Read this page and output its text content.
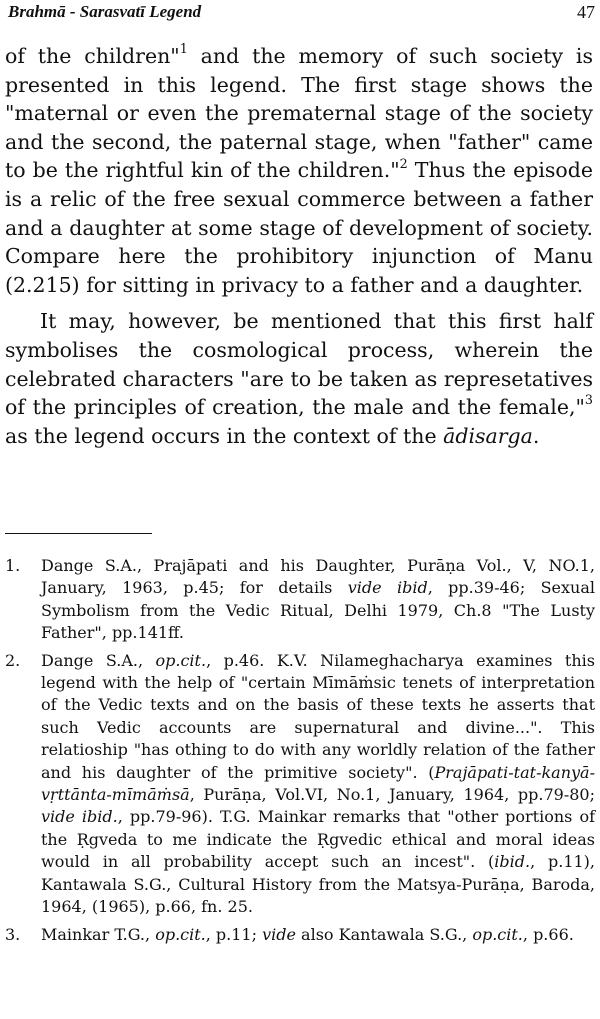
Brahmā - Sarasvatī Legend	47

of the children"$^1$ and the memory of such society is presented in this legend. The first stage shows the "maternal or even the prematernal stage of the society and the second, the paternal stage, when "father" came to be the rightful kin of the children."$^2$ Thus the episode is a relic of the free sexual commerce between a father and a daughter at some stage of development of society. Compare here the prohibitory injunction of Manu (2.215) for sitting in privacy to a father and a daughter.

It may, however, be mentioned that this first half symbolises the cosmological process, wherein the celebrated characters "are to be taken as represetatives of the principles of creation, the male and the female,"$^3$ as the legend occurs in the context of the ādisarga.

1. Dange S.A., Prajāpati and his Daughter, Purāṇa Vol., V, NO.1, January, 1963, p.45; for details vide ibid, pp.39-46; Sexual Symbolism from the Vedic Ritual, Delhi 1979, Ch.8 "The Lusty Father", pp.141ff.
2. Dange S.A., op.cit., p.46. K.V. Nilameghacharya examines this legend with the help of "certain Mīmāṁsic tenets of interpretation of the Vedic texts and on the basis of these texts he asserts that such Vedic accounts are supernatural and divine...". This relatioship "has othing to do with any worldly relation of the father and his daughter of the primitive society". (Prajāpati-tat-kanyā-vṛttānta-mīmāṁsā, Purāṇa, Vol.VI, No.1, January, 1964, pp.79-80; vide ibid., pp.79-96). T.G. Mainkar remarks that "other portions of the Ṛgveda to me indicate the Ṛgvedic ethical and moral ideas would in all probability accept such an incest". (ibid., p.11), Kantawala S.G., Cultural History from the Matsya-Purāṇa, Baroda, 1964, (1965), p.66, fn. 25.
3. Mainkar T.G., op.cit., p.11; vide also Kantawala S.G., op.cit., p.66.
